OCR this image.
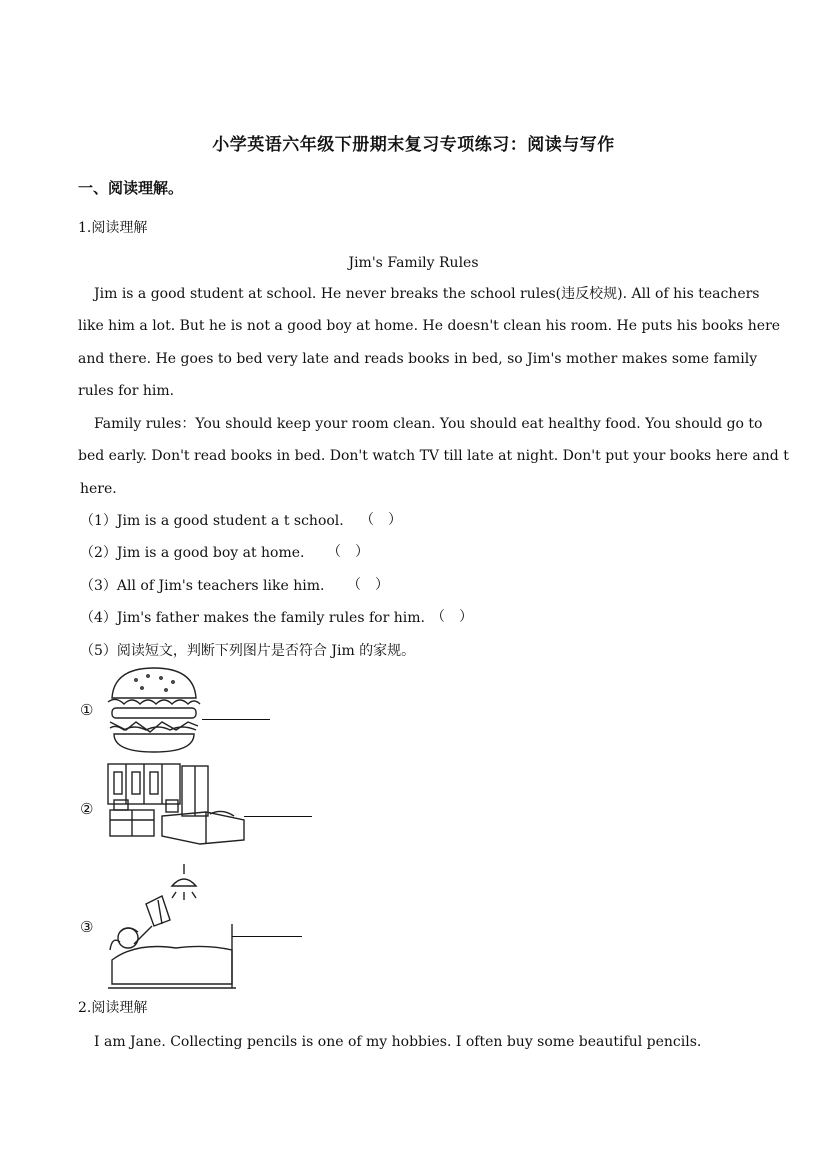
小学英语六年级下册期末复习专项练习：阅读与写作
一、阅读理解。
1.阅读理解
Jim's Family Rules
Jim is a good student at school. He never breaks the school rules(违反校规). All of his teachers
like him a lot. But he is not a good boy at home. He doesn't clean his room. He puts his books here
and there. He goes to bed very late and reads books in bed, so Jim's mother makes some family
rules for him.
Family rules：You should keep your room clean. You should eat healthy food. You should go to
bed early. Don't read books in bed. Don't watch TV till late at night. Don't put your books here and t
here.
（1）Jim is a good student a t school. （　）
（2）Jim is a good boy at home. （　）
（3）All of Jim's teachers like him. （　）
（4）Jim's father makes the family rules for him. （　）
（5）阅读短文，判断下列图片是否符合 Jim 的家规。
①
②
③
2.阅读理解
I am Jane. Collecting pencils is one of my hobbies. I often buy some beautiful pencils.
